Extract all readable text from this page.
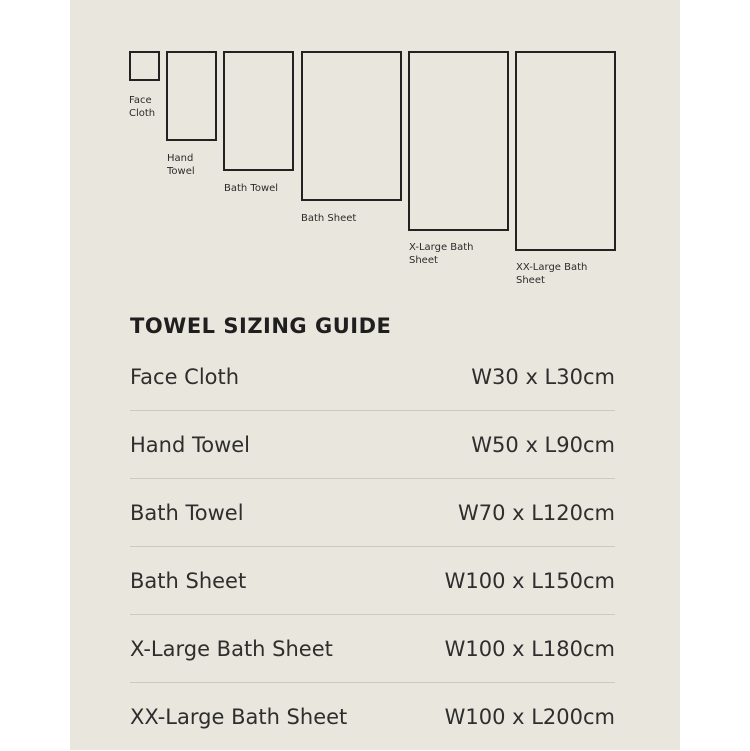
Face
Cloth
Hand
Towel
Bath Towel
Bath Sheet
X-Large Bath
Sheet
XX-Large Bath
Sheet
TOWEL SIZING GUIDE
Face Cloth	W30 x L30cm
Hand Towel	W50 x L90cm
Bath Towel	W70 x L120cm
Bath Sheet	W100 x L150cm
X-Large Bath Sheet	W100 x L180cm
XX-Large Bath Sheet	W100 x L200cm
